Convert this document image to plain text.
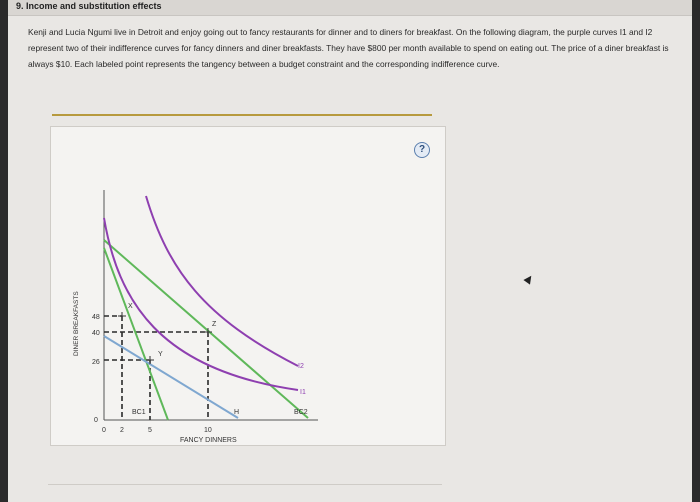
9. Income and substitution effects
Kenji and Lucia Ngumi live in Detroit and enjoy going out to fancy restaurants for dinner and to diners for breakfast. On the following diagram, the purple curves I1 and I2 represent two of their indifference curves for fancy dinners and diner breakfasts. They have $800 per month available to spend on eating out. The price of a diner breakfast is always $10. Each labeled point represents the tangency between a budget constraint and the corresponding indifference curve.
?
48
40
26
0
0 2	5	10
FANCY DINNERS
DINER BREAKFASTS	X
Y
Z
H
I2
I1
BC1	BC2
